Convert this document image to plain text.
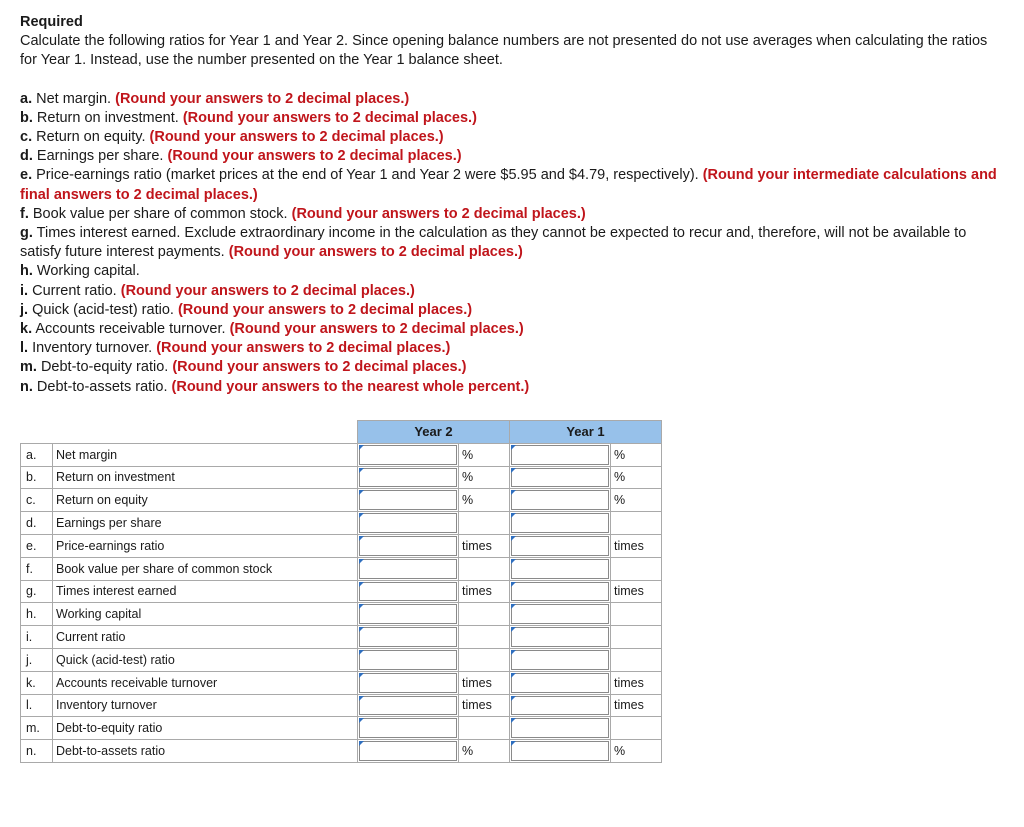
Required

Calculate the following ratios for Year 1 and Year 2. Since opening balance numbers are not presented do not use averages when calculating the ratios for Year 1. Instead, use the number presented on the Year 1 balance sheet.

a. Net margin. (Round your answers to 2 decimal places.)

b. Return on investment. (Round your answers to 2 decimal places.)

c. Return on equity. (Round your answers to 2 decimal places.)

d. Earnings per share. (Round your answers to 2 decimal places.)

e. Price-earnings ratio (market prices at the end of Year 1 and Year 2 were $5.95 and $4.79, respectively). (Round your intermediate calculations and final answers to 2 decimal places.)

f. Book value per share of common stock. (Round your answers to 2 decimal places.)

g. Times interest earned. Exclude extraordinary income in the calculation as they cannot be expected to recur and, therefore, will not be available to satisfy future interest payments. (Round your answers to 2 decimal places.)

h. Working capital.

i. Current ratio. (Round your answers to 2 decimal places.)

j. Quick (acid-test) ratio. (Round your answers to 2 decimal places.)

k. Accounts receivable turnover. (Round your answers to 2 decimal places.)

l. Inventory turnover. (Round your answers to 2 decimal places.)

m. Debt-to-equity ratio. (Round your answers to 2 decimal places.)

n. Debt-to-assets ratio. (Round your answers to the nearest whole percent.)

		Year 2		Year 1	
a.	Net margin		%		%
b.	Return on investment		%		%
c.	Return on equity		%		%
d.	Earnings per share	

e.	Price-earnings ratio		times		times
f.	Book value per share of common stock	

g.	Times interest earned		times		times
h.	Working capital	

i.	Current ratio	

j.	Quick (acid-test) ratio	

k.	Accounts receivable turnover		times		times
l.	Inventory turnover		times		times
m.	Debt-to-equity ratio	

n.	Debt-to-assets ratio		%		%
